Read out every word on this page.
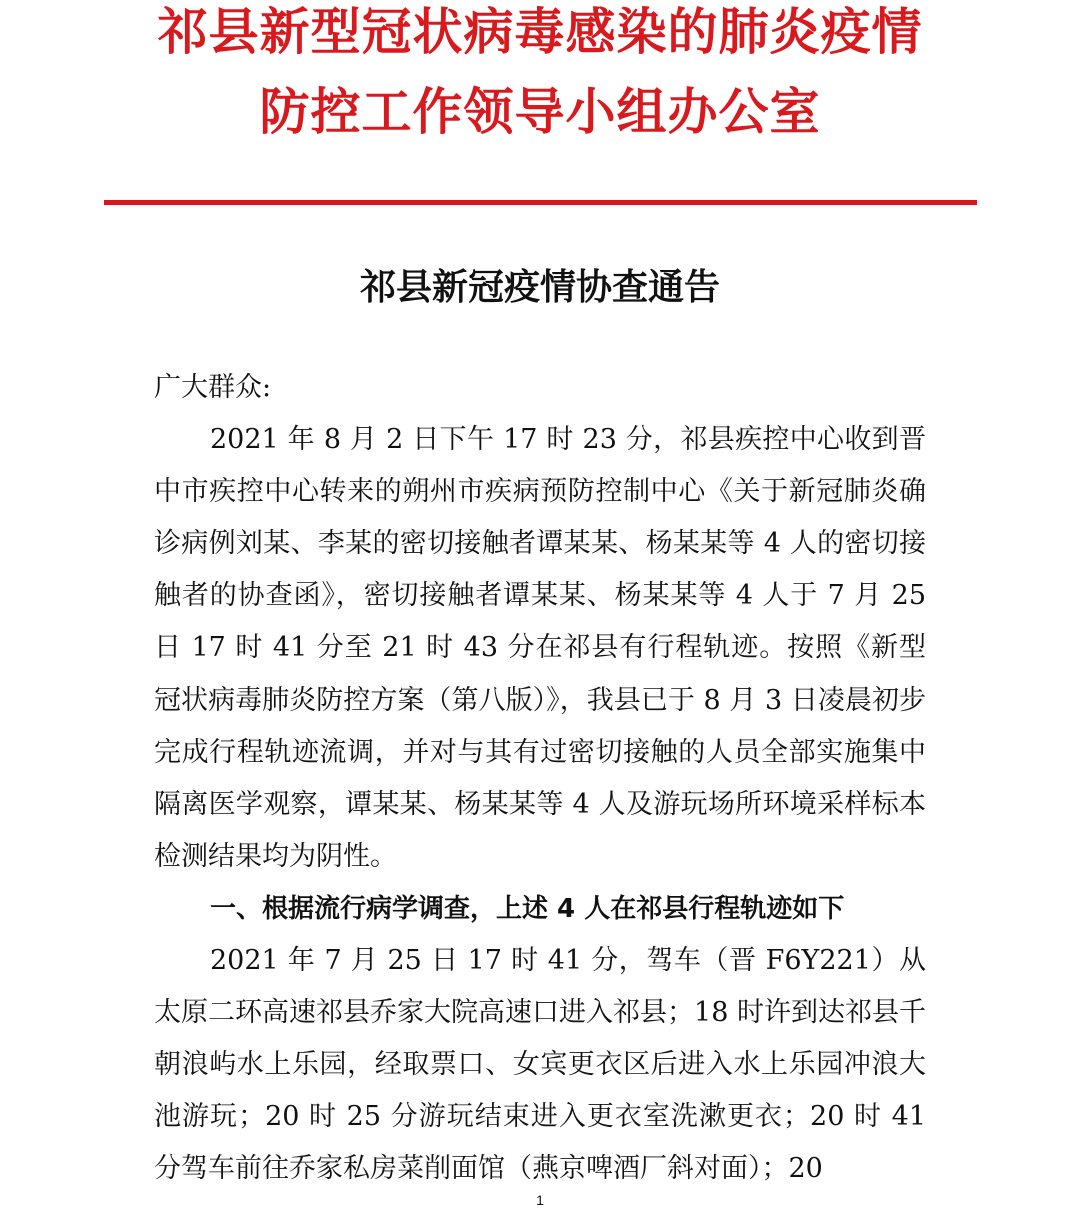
祁县新型冠状病毒感染的肺炎疫情
防控工作领导小组办公室
祁县新冠疫情协查通告

广大群众:

2021 年 8 月 2 日下午 17 时 23 分，祁县疾控中心收到晋中市疾控中心转来的朔州市疾病预防控制中心《关于新冠肺炎确诊病例刘某、李某的密切接触者谭某某、杨某某等 4 人的密切接触者的协查函》，密切接触者谭某某、杨某某等 4 人于 7 月 25 日 17 时 41 分至 21 时 43 分在祁县有行程轨迹。按照《新型冠状病毒肺炎防控方案（第八版）》，我县已于 8 月 3 日凌晨初步完成行程轨迹流调，并对与其有过密切接触的人员全部实施集中隔离医学观察，谭某某、杨某某等 4 人及游玩场所环境采样标本检测结果均为阴性。

一、根据流行病学调查，上述 4 人在祁县行程轨迹如下

2021 年 7 月 25 日 17 时 41 分，驾车（晋 F6Y221）从太原二环高速祁县乔家大院高速口进入祁县；18 时许到达祁县千朝浪屿水上乐园，经取票口、女宾更衣区后进入水上乐园冲浪大池游玩；20 时 25 分游玩结束进入更衣室洗漱更衣；20 时 41 分驾车前往乔家私房菜削面馆（燕京啤酒厂斜对面）；20

1
